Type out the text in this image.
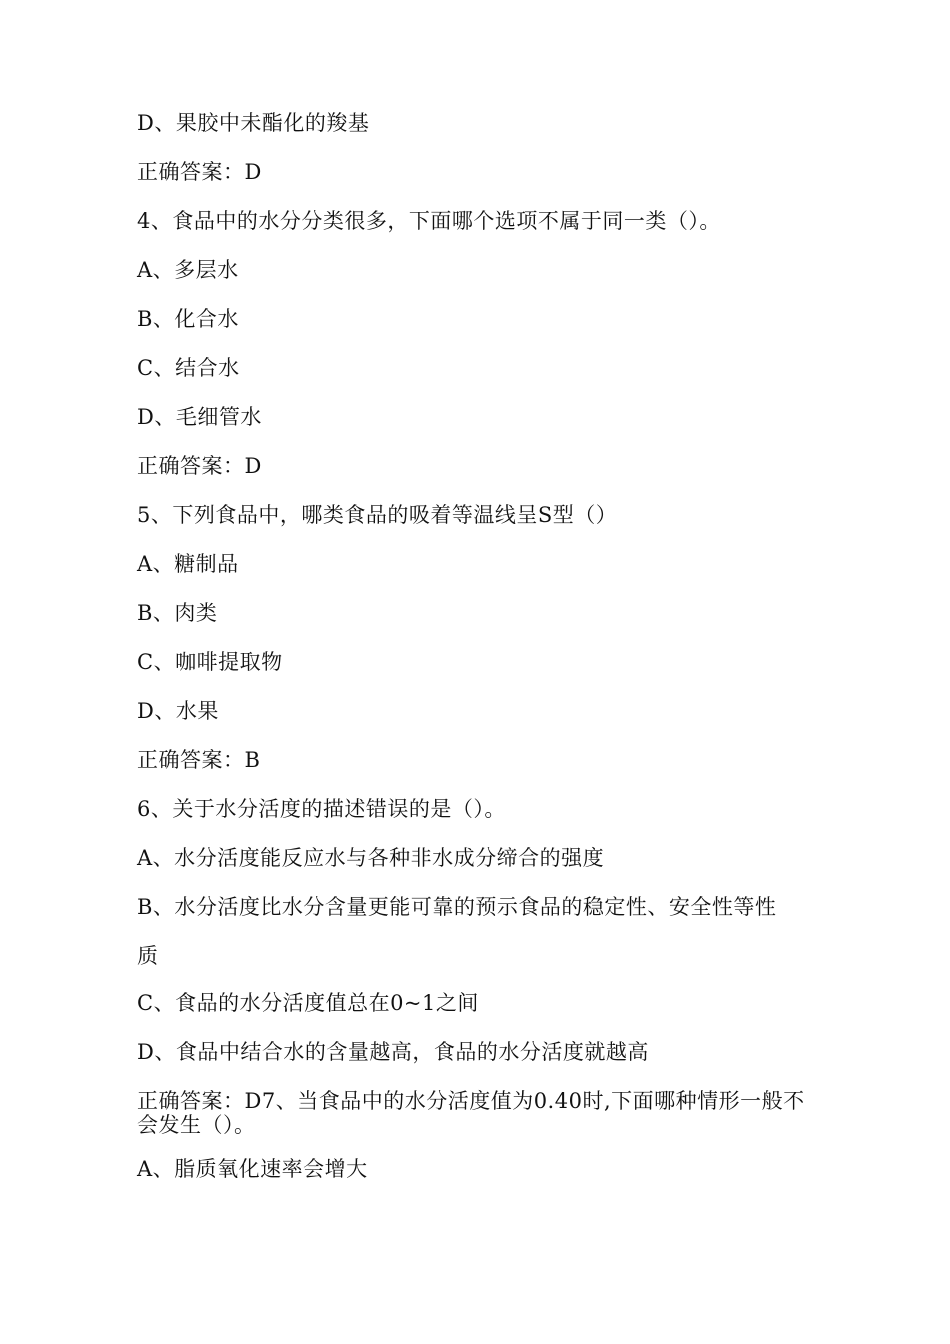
D、果胶中未酯化的羧基
正确答案：D
4、食品中的水分分类很多，下面哪个选项不属于同一类（）。
A、多层水
B、化合水
C、结合水
D、毛细管水
正确答案：D
5、下列食品中，哪类食品的吸着等温线呈S型（）
A、糖制品
B、肉类
C、咖啡提取物
D、水果
正确答案：B
6、关于水分活度的描述错误的是（）。
A、水分活度能反应水与各种非水成分缔合的强度
B、水分活度比水分含量更能可靠的预示食品的稳定性、安全性等性
质
C、食品的水分活度值总在0~1之间
D、食品中结合水的含量越高，食品的水分活度就越高
正确答案：D7、当食品中的水分活度值为0.40时,下面哪种情形一般不会发生（）。
A、脂质氧化速率会增大
